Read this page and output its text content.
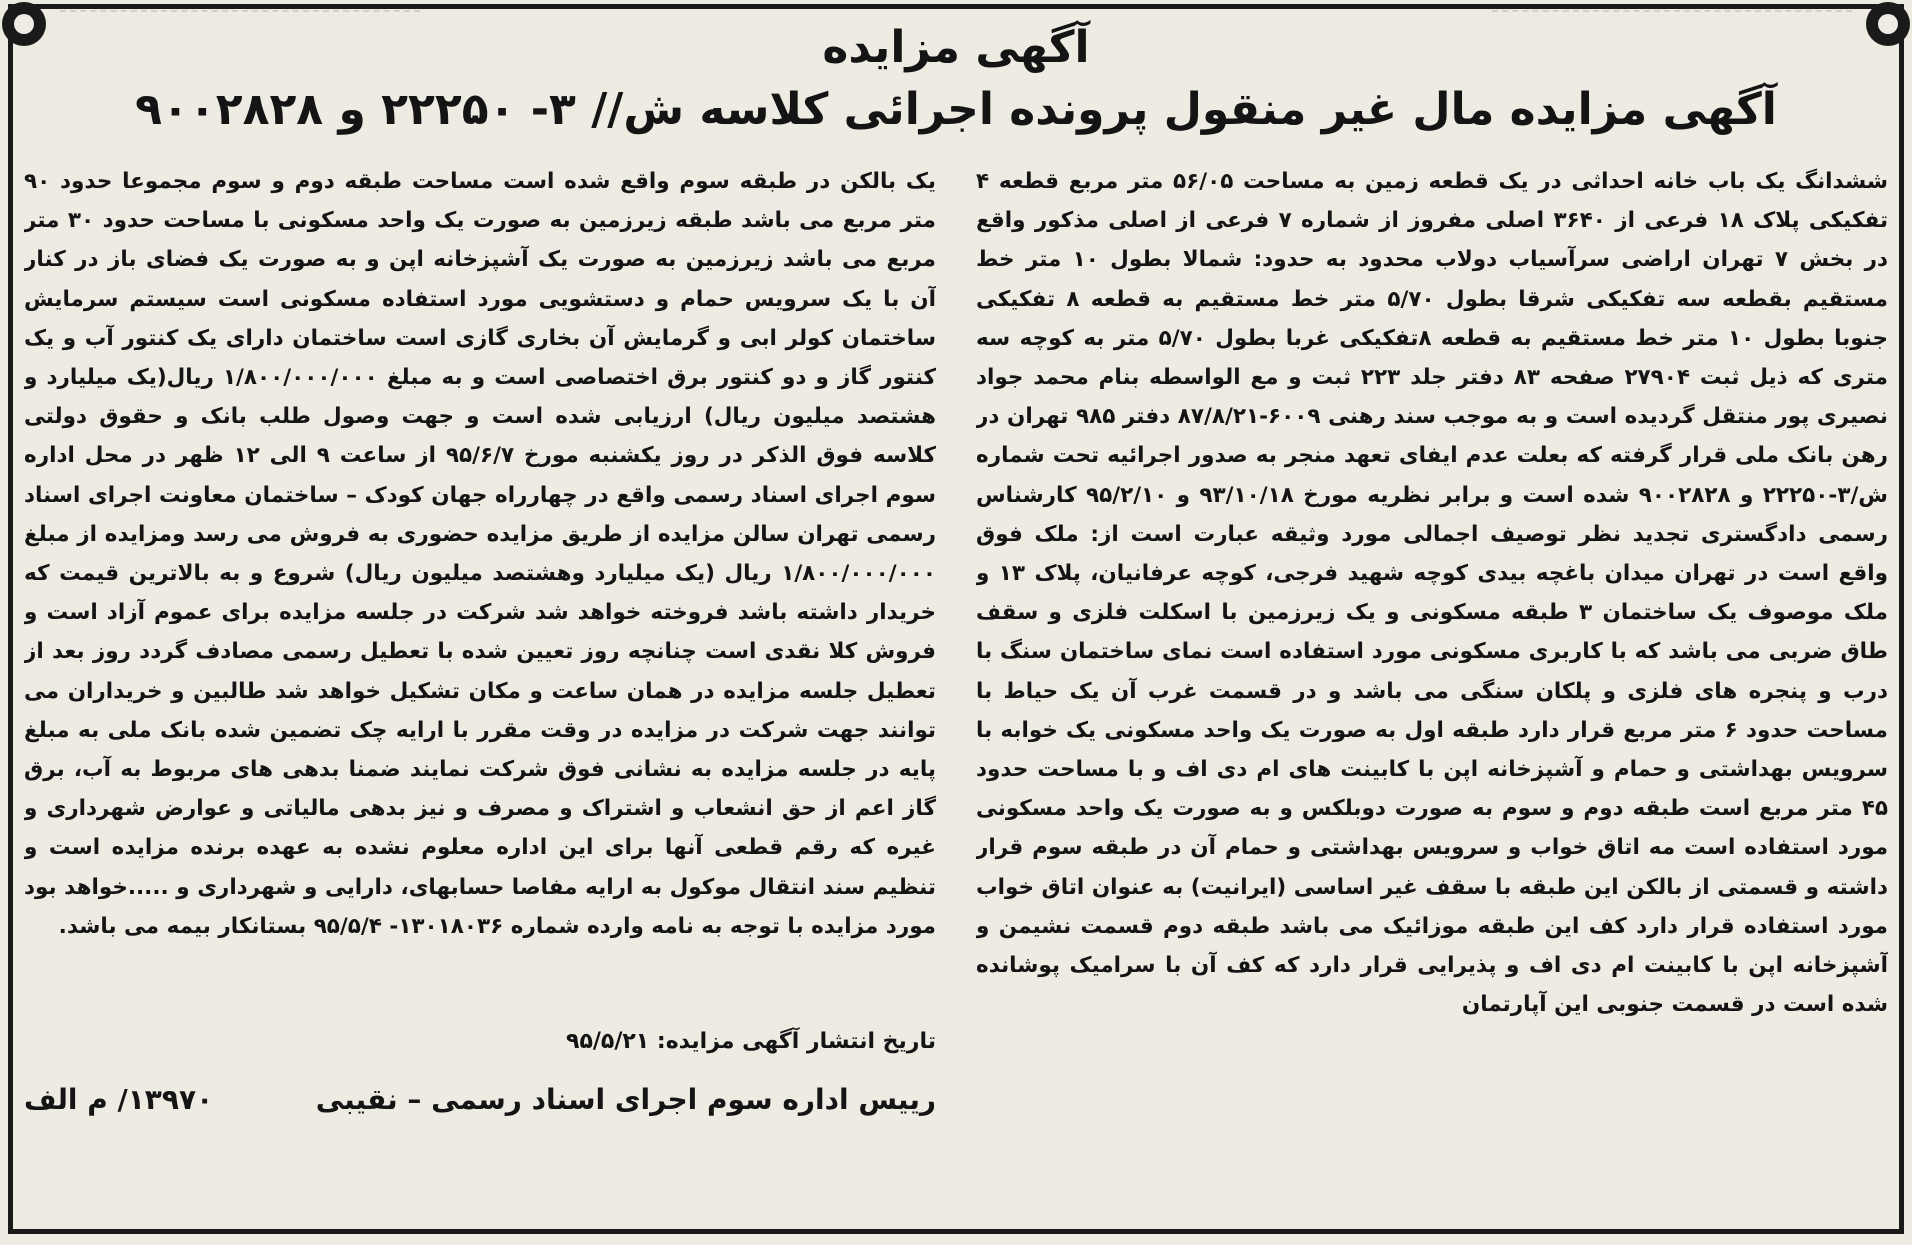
آگهی مزایده
آگهی مزایده مال غیر منقول پرونده اجرائی کلاسه ش// ۳- ۲۲۲۵۰ و ۹۰۰۲۸۲۸

ششدانگ یک باب خانه احداثی در یک قطعه زمین به مساحت ۵۶/۰۵ متر مربع قطعه ۴ تفکیکی پلاک ۱۸ فرعی از ۳۶۴۰ اصلی مفروز از شماره ۷ فرعی از اصلی مذکور واقع در بخش ۷ تهران اراضی سرآسیاب دولاب محدود به حدود: شمالا بطول ۱۰ متر خط مستقیم بقطعه سه تفکیکی شرقا بطول ۵/۷۰ متر خط مستقیم به قطعه ۸ تفکیکی جنوبا بطول ۱۰ متر خط مستقیم به قطعه ۸تفکیکی غربا بطول ۵/۷۰ متر به کوچه سه متری که ذیل ثبت ۲۷۹۰۴ صفحه ۸۳ دفتر جلد ۲۲۳ ثبت و مع الواسطه بنام محمد جواد نصیری پور منتقل گردیده است و به موجب سند رهنی ۶۰۰۹-۸۷/۸/۲۱ دفتر ۹۸۵ تهران در رهن بانک ملی قرار گرفته که بعلت عدم ایفای تعهد منجر به صدور اجرائیه تحت شماره ش/۳-۲۲۲۵۰ و ۹۰۰۲۸۲۸ شده است و برابر نظریه مورخ ۹۳/۱۰/۱۸ و ۹۵/۲/۱۰ کارشناس رسمی دادگستری تجدید نظر توصیف اجمالی مورد وثیقه عبارت است از: ملک فوق واقع است در تهران میدان باغچه بیدی کوچه شهید فرجی، کوچه عرفانیان، پلاک ۱۳ و ملک موصوف یک ساختمان ۳ طبقه مسکونی و یک زیرزمین با اسکلت فلزی و سقف طاق ضربی می باشد که با کاربری مسکونی مورد استفاده است نمای ساختمان سنگ با درب و پنجره های فلزی و پلکان سنگی می باشد و در قسمت غرب آن یک حیاط با مساحت حدود ۶ متر مربع قرار دارد طبقه اول به صورت یک واحد مسکونی یک خوابه با سرویس بهداشتی و حمام و آشپزخانه اپن با کابینت های ام دی اف و با مساحت حدود ۴۵ متر مربع است طبقه دوم و سوم به صورت دوبلکس و به صورت یک واحد مسکونی مورد استفاده است مه اتاق خواب و سرویس بهداشتی و حمام آن در طبقه سوم قرار داشته و قسمتی از بالکن این طبقه با سقف غیر اساسی (ایرانیت) به عنوان اتاق خواب مورد استفاده قرار دارد کف این طبقه موزائیک می باشد طبقه دوم قسمت نشیمن و آشپزخانه اپن با کابینت ام دی اف و پذیرایی قرار دارد که کف آن با سرامیک پوشانده شده است در قسمت جنوبی این آپارتمان

یک بالکن در طبقه سوم واقع شده است مساحت طبقه دوم و سوم مجموعا حدود ۹۰ متر مربع می باشد طبقه زیرزمین به صورت یک واحد مسکونی با مساحت حدود ۳۰ متر مربع می باشد زیرزمین به صورت یک آشپزخانه اپن و به صورت یک فضای باز در کنار آن با یک سرویس حمام و دستشویی مورد استفاده مسکونی است سیستم سرمایش ساختمان کولر ابی و گرمایش آن بخاری گازی است ساختمان دارای یک کنتور آب و یک کنتور گاز و دو کنتور برق اختصاصی است و به مبلغ ۱/۸۰۰/۰۰۰/۰۰۰ ریال(یک میلیارد و هشتصد میلیون ریال) ارزیابی شده است و جهت وصول طلب بانک و حقوق دولتی کلاسه فوق الذکر در روز یکشنبه مورخ ۹۵/۶/۷ از ساعت ۹ الی ۱۲ ظهر در محل اداره سوم اجرای اسناد رسمی واقع در چهارراه جهان کودک – ساختمان معاونت اجرای اسناد رسمی تهران سالن مزایده از طریق مزایده حضوری به فروش می رسد ومزایده از مبلغ ۱/۸۰۰/۰۰۰/۰۰۰ ریال (یک میلیارد وهشتصد میلیون ریال) شروع و به بالاترین قیمت که خریدار داشته باشد فروخته خواهد شد شرکت در جلسه مزایده برای عموم آزاد است و فروش کلا نقدی است چنانچه روز تعیین شده با تعطیل رسمی مصادف گردد روز بعد از تعطیل جلسه مزایده در همان ساعت و مکان تشکیل خواهد شد طالبین و خریداران می توانند جهت شرکت در مزایده در وقت مقرر با ارایه چک تضمین شده بانک ملی به مبلغ پایه در جلسه مزایده به نشانی فوق شرکت نمایند ضمنا بدهی های مربوط به آب، برق گاز اعم از حق انشعاب و اشتراک و مصرف و نیز بدهی مالیاتی و عوارض شهرداری و غیره که رقم قطعی آنها برای این اداره معلوم نشده به عهده برنده مزایده است و تنظیم سند انتقال موکول به ارایه مفاصا حسابهای، دارایی و شهرداری و .....خواهد بود مورد مزایده با توجه به نامه وارده شماره ۱۳۰۱۸۰۳۶- ۹۵/۵/۴ بستانکار بیمه می باشد.

تاریخ انتشار آگهی مزایده: ۹۵/۵/۲۱
رییس اداره سوم اجرای اسناد رسمی – نقیبی
۱۳۹۷۰/ م الف
